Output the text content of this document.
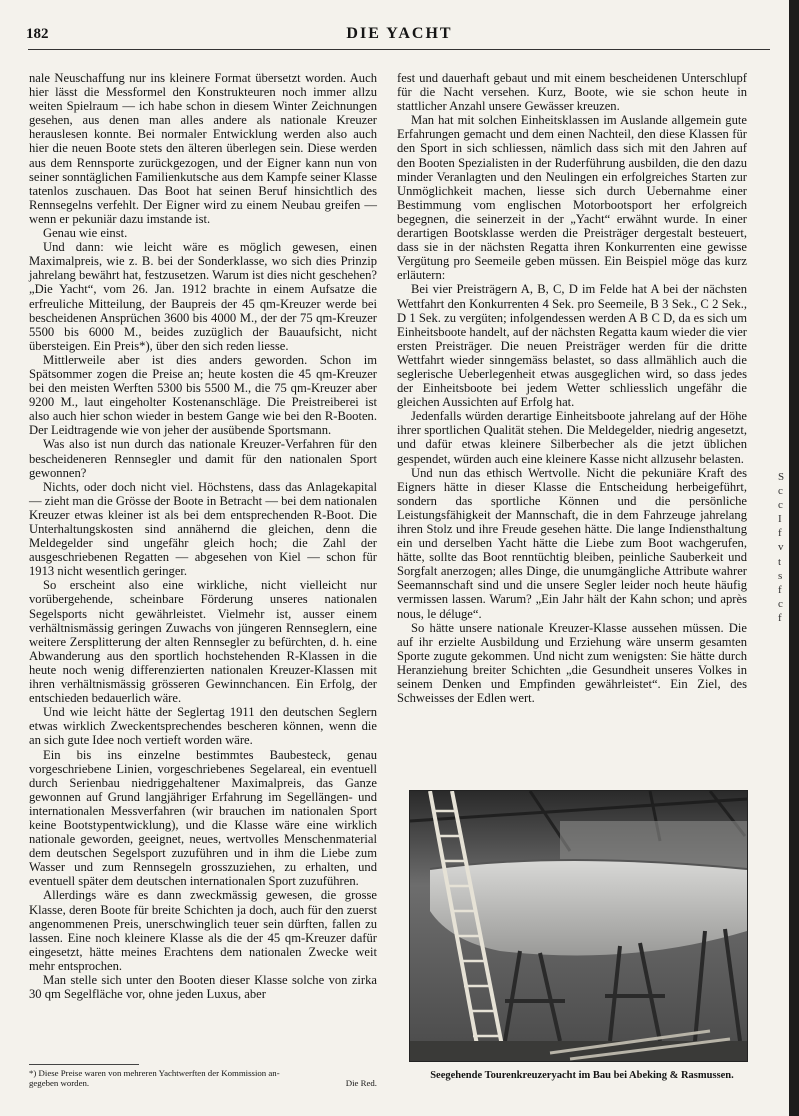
182	DIE YACHT

nale Neuschaffung nur ins kleinere Format übersetzt worden. Auch hier lässt die Messformel den Konstrukteuren noch immer allzu weiten Spielraum — ich habe schon in diesem Winter Zeichnungen gesehen, aus denen man alles andere als nationale Kreuzer herauslesen konnte. Bei normaler Entwicklung werden also auch hier die neuen Boote stets den älteren überlegen sein. Diese werden aus dem Rennsporte zurückgezogen, und der Eigner kann nun von seiner sonntäglichen Familienkutsche aus dem Kampfe seiner Klasse tatenlos zuschauen. Das Boot hat seinen Beruf hinsichtlich des Rennsegelns verfehlt. Der Eigner wird zu einem Neubau greifen — wenn er pekuniär dazu imstande ist.

Genau wie einst.

Und dann: wie leicht wäre es möglich gewesen, einen Maximalpreis, wie z. B. bei der Sonderklasse, wo sich dies Prinzip jahrelang bewährt hat, festzusetzen. Warum ist dies nicht geschehen? „Die Yacht“, vom 26. Jan. 1912 brachte in einem Aufsatze die erfreuliche Mitteilung, der Baupreis der 45 qm-Kreuzer werde bei bescheidenen Ansprüchen 3600 bis 4000 M., der der 75 qm-Kreuzer 5500 bis 6000 M., beides zuzüglich der Bauaufsicht, nicht übersteigen. Ein Preis*), über den sich reden liesse.

Mittlerweile aber ist dies anders geworden. Schon im Spätsommer zogen die Preise an; heute kosten die 45 qm-Kreuzer bei den meisten Werften 5300 bis 5500 M., die 75 qm-Kreuzer aber 9200 M., laut eingeholter Kostenanschläge. Die Preistreiberei ist also auch hier schon wieder in bestem Gange wie bei den R-Booten. Der Leidtragende wie von jeher der ausübende Sportsmann.

Was also ist nun durch das nationale Kreuzer-Verfahren für den bescheideneren Rennsegler und damit für den nationalen Sport gewonnen?

Nichts, oder doch nicht viel. Höchstens, dass das Anlagekapital — zieht man die Grösse der Boote in Betracht — bei dem nationalen Kreuzer etwas kleiner ist als bei dem entsprechenden R-Boot. Die Unterhaltungskosten sind annähernd die gleichen, denn die Meldegelder sind ungefähr gleich hoch; die Zahl der ausgeschriebenen Regatten — abgesehen von Kiel — schon für 1913 nicht wesentlich geringer.

So erscheint also eine wirkliche, nicht vielleicht nur vorübergehende, scheinbare Förderung unseres nationalen Segelsports nicht gewährleistet. Vielmehr ist, ausser einem verhältnismässig geringen Zuwachs von jüngeren Rennseglern, eine weitere Zersplitterung der alten Rennsegler zu befürchten, d. h. eine Abwanderung aus den sportlich hochstehenden R-Klassen in die heute noch wenig differenzierten nationalen Kreuzer-Klassen mit ihren verhältnismässig grösseren Gewinnchancen. Ein Erfolg, der entschieden bedauerlich wäre.

Und wie leicht hätte der Seglertag 1911 den deutschen Seglern etwas wirklich Zweckentsprechendes bescheren können, wenn die an sich gute Idee noch vertieft worden wäre.

Ein bis ins einzelne bestimmtes Baubesteck, genau vorgeschriebene Linien, vorgeschriebenes Segelareal, ein eventuell durch Serienbau niedriggehaltener Maximalpreis, das Ganze gewonnen auf Grund langjähriger Erfahrung im Segellängen- und internationalen Messverfahren (wir brauchen im nationalen Sport keine Bootstypentwicklung), und die Klasse wäre eine wirklich nationale geworden, geeignet, neues, wertvolles Menschenmaterial dem deutschen Segelsport zuzuführen und in ihm die Liebe zum Wasser und zum Rennsegeln grosszuziehen, zu erhalten, und eventuell später dem deutschen internationalen Sport zuzuführen.

Allerdings wäre es dann zweckmässig gewesen, die grosse Klasse, deren Boote für breite Schichten ja doch, auch für den zuerst angenommenen Preis, unerschwinglich teuer sein dürften, fallen zu lassen. Eine noch kleinere Klasse als die der 45 qm-Kreuzer dafür eingesetzt, hätte meines Erachtens dem nationalen Zwecke weit mehr entsprochen.

Man stelle sich unter den Booten dieser Klasse solche von zirka 30 qm Segelfläche vor, ohne jeden Luxus, aber

fest und dauerhaft gebaut und mit einem bescheidenen Unterschlupf für die Nacht versehen. Kurz, Boote, wie sie schon heute in stattlicher Anzahl unsere Gewässer kreuzen.

Man hat mit solchen Einheitsklassen im Auslande allgemein gute Erfahrungen gemacht und dem einen Nachteil, den diese Klassen für den Sport in sich schliessen, nämlich dass sich mit den Jahren auf den Booten Spezialisten in der Ruderführung ausbilden, die den dazu minder Veranlagten und den Neulingen ein erfolgreiches Starten zur Unmöglichkeit machen, liesse sich durch Uebernahme einer Bestimmung vom englischen Motorbootsport her erfolgreich begegnen, die seinerzeit in der „Yacht“ erwähnt wurde. In einer derartigen Bootsklasse werden die Preisträger dergestalt besteuert, dass sie in der nächsten Regatta ihren Konkurrenten eine gewisse Vergütung pro Seemeile geben müssen. Ein Beispiel möge das kurz erläutern:

Bei vier Preisträgern A, B, C, D im Felde hat A bei der nächsten Wettfahrt den Konkurrenten 4 Sek. pro Seemeile, B 3 Sek., C 2 Sek., D 1 Sek. zu vergüten; infolgendessen werden A B C D, da es sich um Einheitsboote handelt, auf der nächsten Regatta kaum wieder die vier ersten Preisträger. Die neuen Preisträger werden für die dritte Wettfahrt wieder sinngemäss belastet, so dass allmählich auch die seglerische Ueberlegenheit etwas ausgeglichen wird, so dass jedes der Einheitsboote bei jedem Wetter schliesslich ungefähr die gleichen Aussichten auf Erfolg hat.

Jedenfalls würden derartige Einheitsboote jahrelang auf der Höhe ihrer sportlichen Qualität stehen. Die Meldegelder, niedrig angesetzt, und dafür etwas kleinere Silberbecher als die jetzt üblichen gespendet, würden auch eine kleinere Kasse nicht allzusehr belasten.

Und nun das ethisch Wertvolle. Nicht die pekuniäre Kraft des Eigners hätte in dieser Klasse die Entscheidung herbeigeführt, sondern das sportliche Können und die persönliche Leistungsfähigkeit der Mannschaft, die in dem Fahrzeuge jahrelang ihren Stolz und ihre Freude gesehen hätte. Die lange Indiensthaltung ein und derselben Yacht hätte die Liebe zum Boot wachgerufen, hätte, sollte das Boot renntüchtig bleiben, peinliche Sauberkeit und Sorgfalt anerzogen; alles Dinge, die unumgängliche Attribute wahrer Seemannschaft sind und die unsere Segler leider noch heute häufig vermissen lassen. Warum? „Ein Jahr hält der Kahn schon; und après nous, le déluge“.

So hätte unsere nationale Kreuzer-Klasse aussehen müssen. Die auf ihr erzielte Ausbildung und Erziehung wäre unserm gesamten Sporte zugute gekommen. Und nicht zum wenigsten: Sie hätte durch Heranziehung breiter Schichten „die Gesundheit unseres Volkes in seinem Denken und Empfinden gewährleistet“. Ein Ziel, des Schweisses der Edlen wert.

*) Diese Preise waren von mehreren Yachtwerften der Kommission an-
gegeben worden.	Die Red.
Seegehende Tourenkreuzeryacht im Bau bei Abeking & Rasmussen.
S
c
c
I
f
v
t
s
f
c
f
